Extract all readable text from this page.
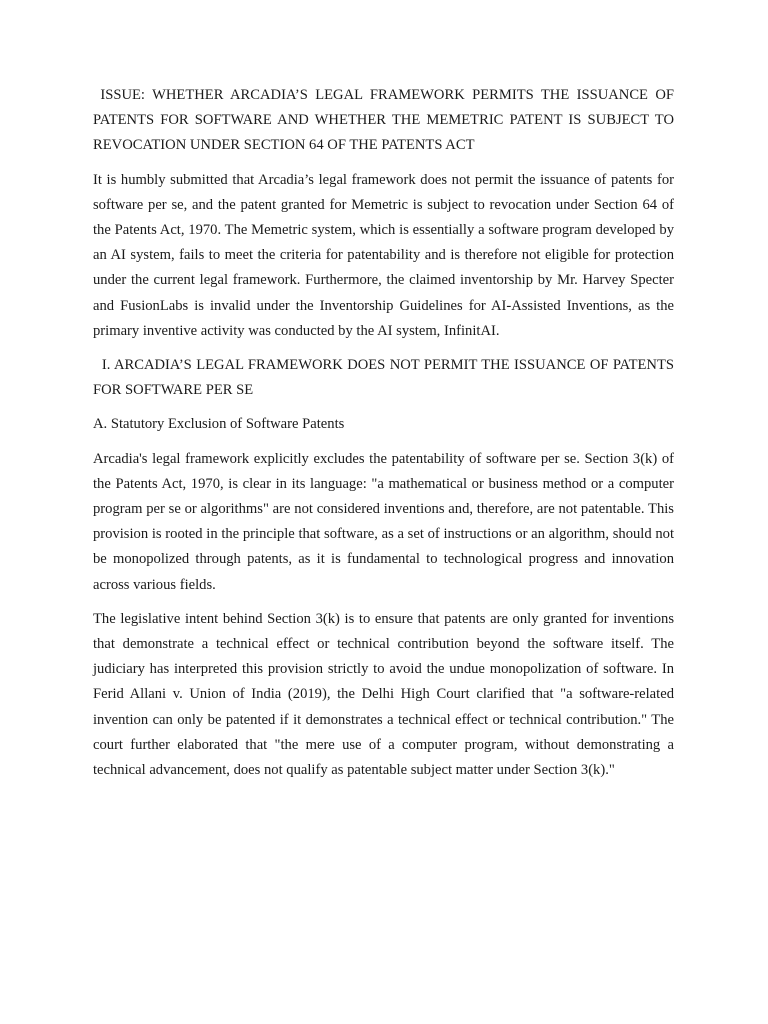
ISSUE: WHETHER ARCADIA’S LEGAL FRAMEWORK PERMITS THE ISSUANCE OF PATENTS FOR SOFTWARE AND WHETHER THE MEMETRIC PATENT IS SUBJECT TO REVOCATION UNDER SECTION 64 OF THE PATENTS ACT

It is humbly submitted that Arcadia’s legal framework does not permit the issuance of patents for software per se, and the patent granted for Memetric is subject to revocation under Section 64 of the Patents Act, 1970. The Memetric system, which is essentially a software program developed by an AI system, fails to meet the criteria for patentability and is therefore not eligible for protection under the current legal framework. Furthermore, the claimed inventorship by Mr. Harvey Specter and FusionLabs is invalid under the Inventorship Guidelines for AI-Assisted Inventions, as the primary inventive activity was conducted by the AI system, InfinitAI.

I. ARCADIA’S LEGAL FRAMEWORK DOES NOT PERMIT THE ISSUANCE OF PATENTS FOR SOFTWARE PER SE

A. Statutory Exclusion of Software Patents

Arcadia's legal framework explicitly excludes the patentability of software per se. Section 3(k) of the Patents Act, 1970, is clear in its language: "a mathematical or business method or a computer program per se or algorithms" are not considered inventions and, therefore, are not patentable. This provision is rooted in the principle that software, as a set of instructions or an algorithm, should not be monopolized through patents, as it is fundamental to technological progress and innovation across various fields.

The legislative intent behind Section 3(k) is to ensure that patents are only granted for inventions that demonstrate a technical effect or technical contribution beyond the software itself. The judiciary has interpreted this provision strictly to avoid the undue monopolization of software. In Ferid Allani v. Union of India (2019), the Delhi High Court clarified that "a software-related invention can only be patented if it demonstrates a technical effect or technical contribution." The court further elaborated that "the mere use of a computer program, without demonstrating a technical advancement, does not qualify as patentable subject matter under Section 3(k)."
